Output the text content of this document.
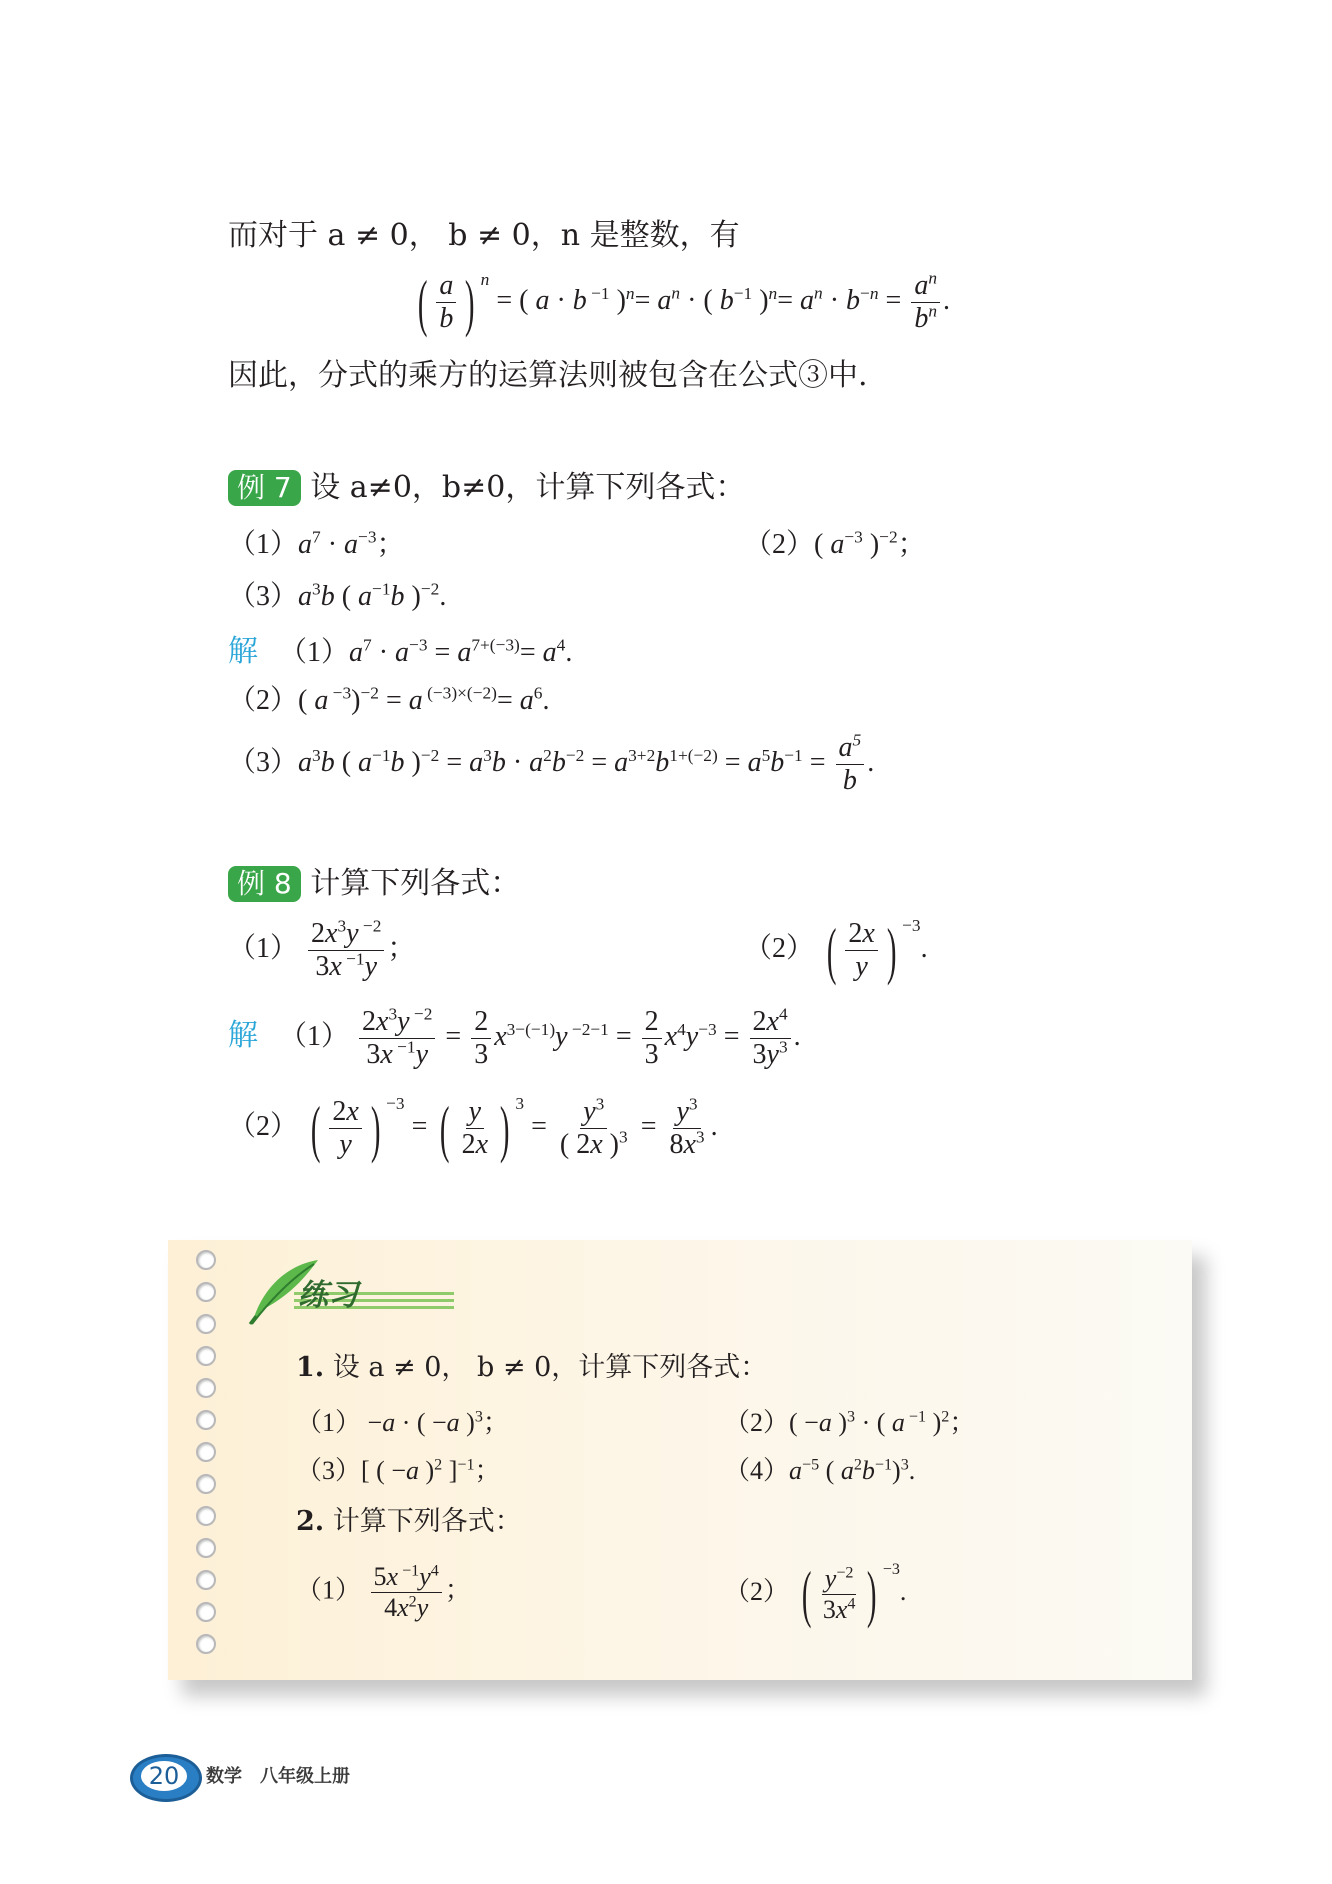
而对于 a ≠ 0， b ≠ 0，n 是整数，有
( $\frac{a}{b}$ ) $^n$ = ( a · b $^{-1}$ )$^n= a^n$ · ( $b^{-1}$ )$^n= a^n \cdot b^{-n} = \frac{a^n}{b^n}$ .
因此，分式的乘方的运算法则被包含在公式③中.
例 7 设 a≠0，b≠0，计算下列各式：
$(1)a^7 \cdot a^{-3}$；	（2）( $a^{-3}$ )$^{-2}$；
$(3)a^3b$ ( $a^{-1}b$ )$^{-2}$.
解 $(1)a^7 \cdot a^{-3} = a^{7+(-3)}= a^4$.
（2）( a $^{-3}$)$^{-2}$ = a $^{(-3)\times(-2)}= a^6$.
$(3)a^3b$ ( $a^{-1}b$ )$^{-2} = a^3b \cdot a^2b^{-2} = a^{3+2}b^{1+(-2)} = a^5b^{-1} = \frac{a^5}{b}$ .
例 8 计算下列各式：
$(1) \frac{2x^3y ^{-2}}{3x ^{-1}y}$ ；	（2） ( $\frac{2x}{y}$ ) $^{-3}$.
解 $(1) \frac{2x^3y ^{-2}}{3x ^{-1}y} = \frac{2}{3} x^{3-(-1)}y$ $^{-2-1} = \frac{2}{3} x^4y^{-3} = \frac{2x^4}{3y^3}$ .
（2） ( $\frac{2x}{y}$ ) $^{-3}$ = ( $\frac{y}{2x}$ ) $^3 = \frac{y^3}{( 2x )^3} = \frac{y^3}{8x^3}$ .
练习
1. 设 a ≠ 0， b ≠ 0，计算下列各式：
（1） −a · ( −a )$^3$；	（2）( −a )$^3$ · ( a $^{-1}$ )$^2$；
（3）[ ( −a )$^2$ ]$^{-1}$；	$(4)a^{-5}$ ( $a^2b^{-1})^3$.
2. 计算下列各式：
$(1) \frac{5x ^{-1}y^4}{4x^2y}$ ；	（2） ( $\frac{y^{-2}}{3x^4}$ ) $^{-3}$.
20	数学　八年级上册
